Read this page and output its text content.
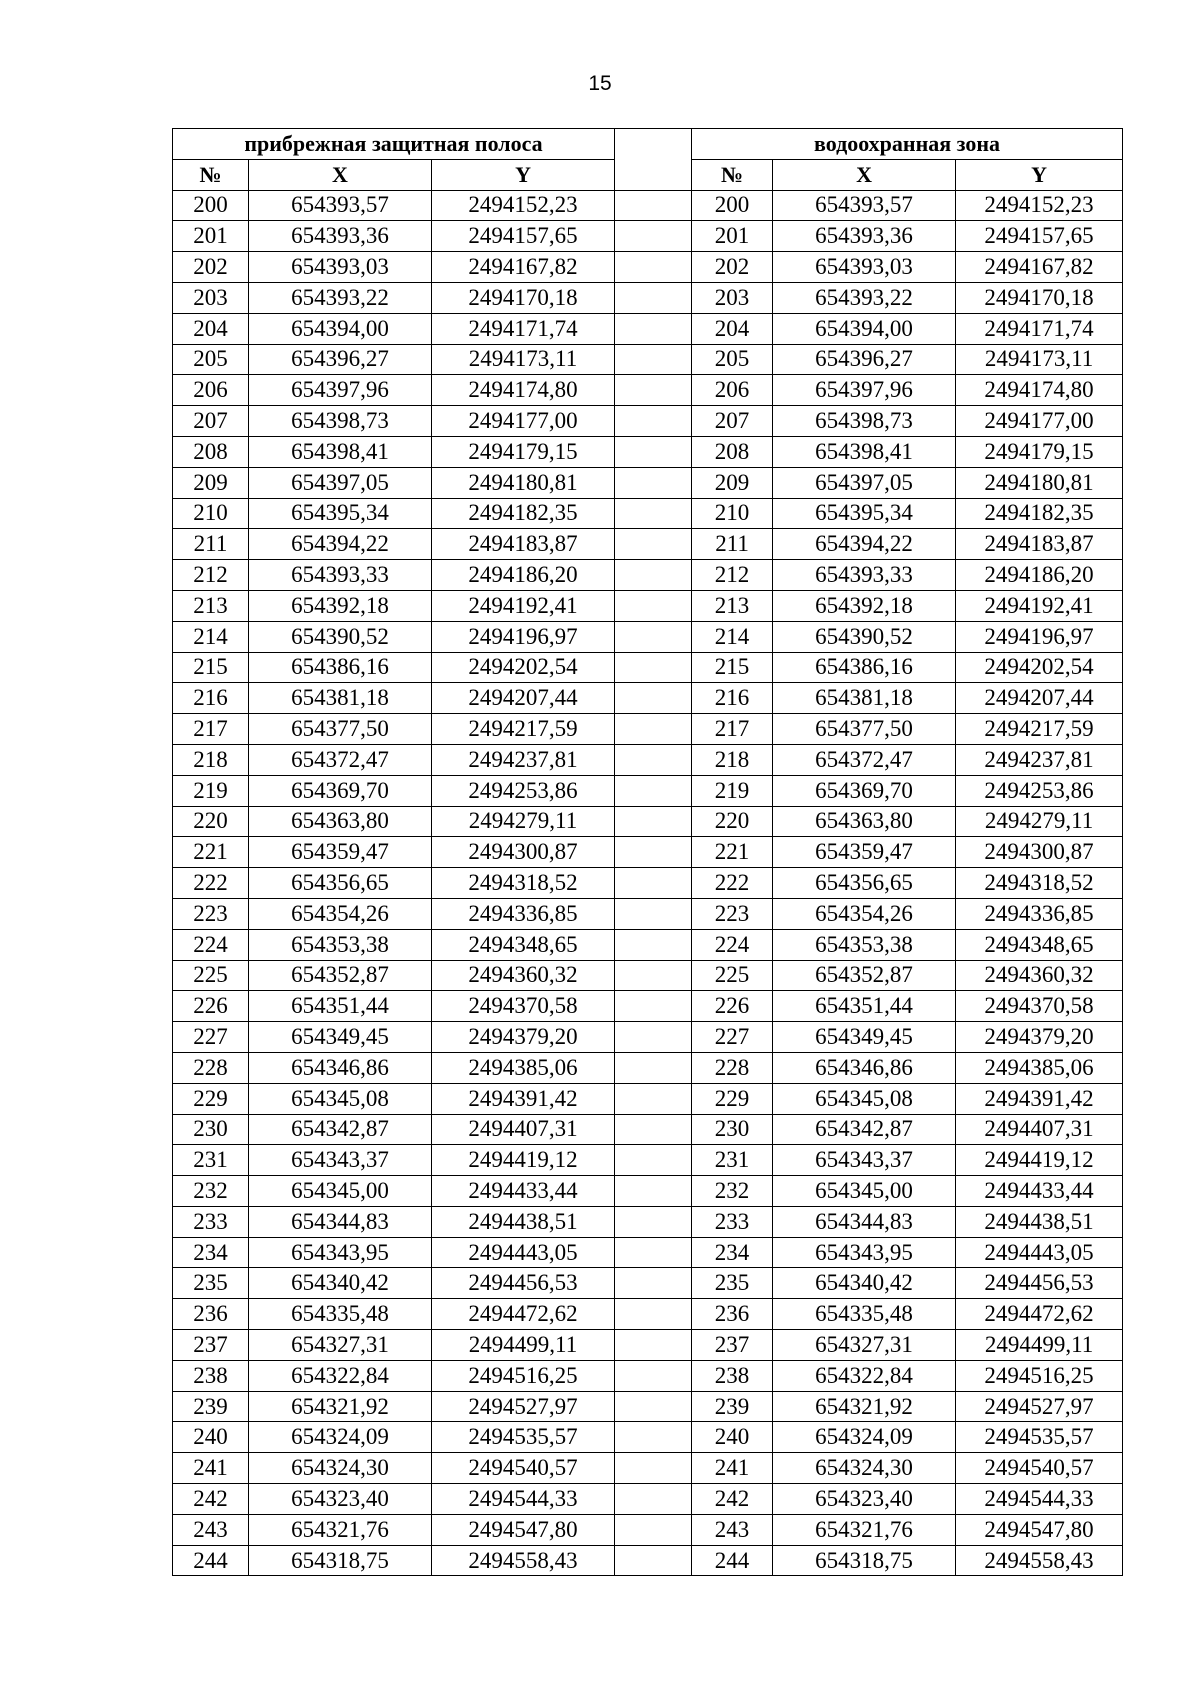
15
прибрежная защитная полоса				водоохранная зона		
№	X	Y		№	X	Y
200	654393,57	2494152,23		200	654393,57	2494152,23
201	654393,36	2494157,65		201	654393,36	2494157,65
202	654393,03	2494167,82		202	654393,03	2494167,82
203	654393,22	2494170,18		203	654393,22	2494170,18
204	654394,00	2494171,74		204	654394,00	2494171,74
205	654396,27	2494173,11		205	654396,27	2494173,11
206	654397,96	2494174,80		206	654397,96	2494174,80
207	654398,73	2494177,00		207	654398,73	2494177,00
208	654398,41	2494179,15		208	654398,41	2494179,15
209	654397,05	2494180,81		209	654397,05	2494180,81
210	654395,34	2494182,35		210	654395,34	2494182,35
211	654394,22	2494183,87		211	654394,22	2494183,87
212	654393,33	2494186,20		212	654393,33	2494186,20
213	654392,18	2494192,41		213	654392,18	2494192,41
214	654390,52	2494196,97		214	654390,52	2494196,97
215	654386,16	2494202,54		215	654386,16	2494202,54
216	654381,18	2494207,44		216	654381,18	2494207,44
217	654377,50	2494217,59		217	654377,50	2494217,59
218	654372,47	2494237,81		218	654372,47	2494237,81
219	654369,70	2494253,86		219	654369,70	2494253,86
220	654363,80	2494279,11		220	654363,80	2494279,11
221	654359,47	2494300,87		221	654359,47	2494300,87
222	654356,65	2494318,52		222	654356,65	2494318,52
223	654354,26	2494336,85		223	654354,26	2494336,85
224	654353,38	2494348,65		224	654353,38	2494348,65
225	654352,87	2494360,32		225	654352,87	2494360,32
226	654351,44	2494370,58		226	654351,44	2494370,58
227	654349,45	2494379,20		227	654349,45	2494379,20
228	654346,86	2494385,06		228	654346,86	2494385,06
229	654345,08	2494391,42		229	654345,08	2494391,42
230	654342,87	2494407,31		230	654342,87	2494407,31
231	654343,37	2494419,12		231	654343,37	2494419,12
232	654345,00	2494433,44		232	654345,00	2494433,44
233	654344,83	2494438,51		233	654344,83	2494438,51
234	654343,95	2494443,05		234	654343,95	2494443,05
235	654340,42	2494456,53		235	654340,42	2494456,53
236	654335,48	2494472,62		236	654335,48	2494472,62
237	654327,31	2494499,11		237	654327,31	2494499,11
238	654322,84	2494516,25		238	654322,84	2494516,25
239	654321,92	2494527,97		239	654321,92	2494527,97
240	654324,09	2494535,57		240	654324,09	2494535,57
241	654324,30	2494540,57		241	654324,30	2494540,57
242	654323,40	2494544,33		242	654323,40	2494544,33
243	654321,76	2494547,80		243	654321,76	2494547,80
244	654318,75	2494558,43		244	654318,75	2494558,43
